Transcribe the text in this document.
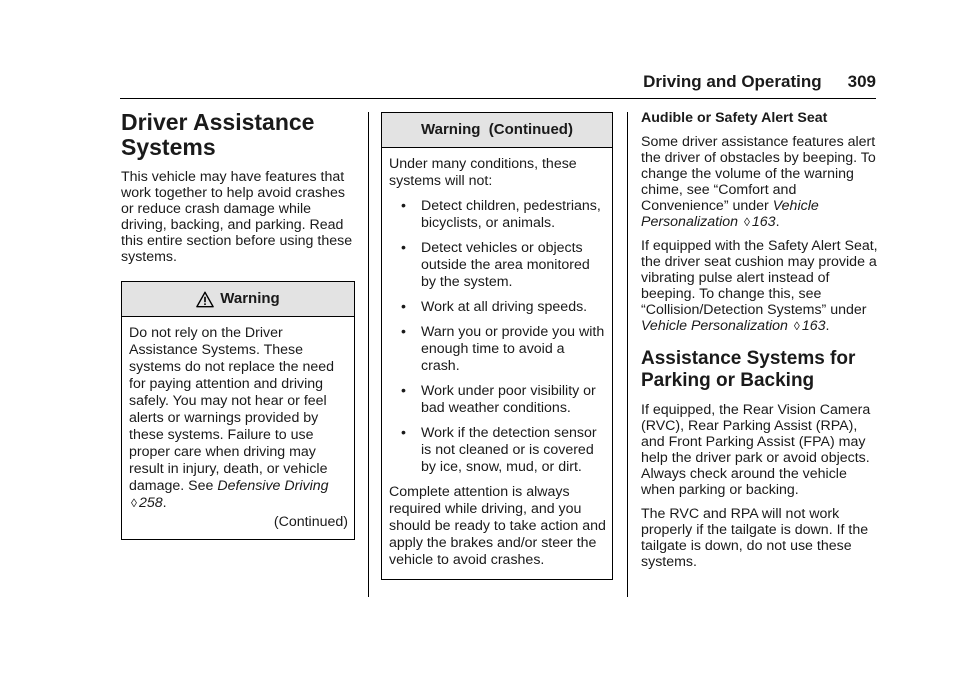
Driving and Operating 309
Driver Assistance Systems

This vehicle may have features that work together to help avoid crashes or reduce crash damage while driving, backing, and parking. Read this entire section before using these systems.

Warning
Do not rely on the Driver Assistance Systems. These systems do not replace the need for paying attention and driving safely. You may not hear or feel alerts or warnings provided by these systems. Failure to use proper care when driving may result in injury, death, or vehicle damage. See Defensive Driving ◊ 258.
(Continued)
Warning  (Continued)

Under many conditions, these systems will not:

• Detect children, pedestrians, bicyclists, or animals.
• Detect vehicles or objects outside the area monitored by the system.
• Work at all driving speeds.
• Warn you or provide you with enough time to avoid a crash.
• Work under poor visibility or bad weather conditions.
• Work if the detection sensor is not cleaned or is covered by ice, snow, mud, or dirt.

Complete attention is always required while driving, and you should be ready to take action and apply the brakes and/or steer the vehicle to avoid crashes.

Audible or Safety Alert Seat

Some driver assistance features alert the driver of obstacles by beeping. To change the volume of the warning chime, see “Comfort and Convenience” under Vehicle Personalization ◊ 163.

If equipped with the Safety Alert Seat, the driver seat cushion may provide a vibrating pulse alert instead of beeping. To change this, see “Collision/Detection Systems” under Vehicle Personalization ◊ 163.

Assistance Systems for Parking or Backing

If equipped, the Rear Vision Camera (RVC), Rear Parking Assist (RPA), and Front Parking Assist (FPA) may help the driver park or avoid objects. Always check around the vehicle when parking or backing.

The RVC and RPA will not work properly if the tailgate is down. If the tailgate is down, do not use these systems.
